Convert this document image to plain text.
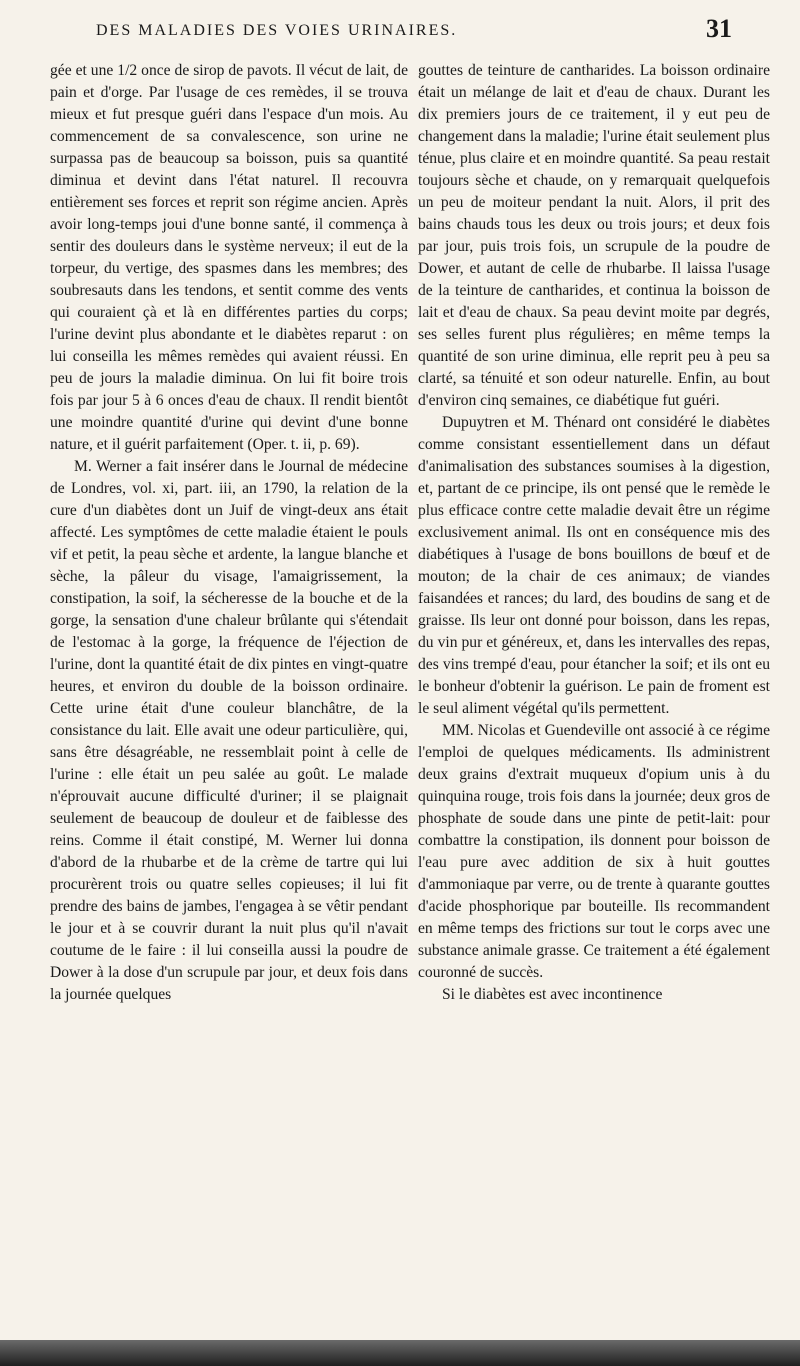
DES MALADIES DES VOIES URINAIRES.	31

gée et une 1/2 once de sirop de pavots. Il vécut de lait, de pain et d'orge. Par l'usage de ces remèdes, il se trouva mieux et fut presque guéri dans l'espace d'un mois. Au commencement de sa convalescence, son urine ne surpassa pas de beaucoup sa boisson, puis sa quantité diminua et devint dans l'état naturel. Il recouvra entièrement ses forces et reprit son régime ancien. Après avoir long-temps joui d'une bonne santé, il commença à sentir des douleurs dans le système nerveux; il eut de la torpeur, du vertige, des spasmes dans les membres; des soubresauts dans les tendons, et sentit comme des vents qui couraient çà et là en différentes parties du corps; l'urine devint plus abondante et le diabètes reparut : on lui conseilla les mêmes remèdes qui avaient réussi. En peu de jours la maladie diminua. On lui fit boire trois fois par jour 5 à 6 onces d'eau de chaux. Il rendit bientôt une moindre quantité d'urine qui devint d'une bonne nature, et il guérit parfaitement (Oper. t. ii, p. 69).

M. Werner a fait insérer dans le Journal de médecine de Londres, vol. xi, part. iii, an 1790, la relation de la cure d'un diabètes dont un Juif de vingt-deux ans était affecté. Les symptômes de cette maladie étaient le pouls vif et petit, la peau sèche et ardente, la langue blanche et sèche, la pâleur du visage, l'amaigrissement, la constipation, la soif, la sécheresse de la bouche et de la gorge, la sensation d'une chaleur brûlante qui s'étendait de l'estomac à la gorge, la fréquence de l'éjection de l'urine, dont la quantité était de dix pintes en vingt-quatre heures, et environ du double de la boisson ordinaire. Cette urine était d'une couleur blanchâtre, de la consistance du lait. Elle avait une odeur particulière, qui, sans être désagréable, ne ressemblait point à celle de l'urine : elle était un peu salée au goût. Le malade n'éprouvait aucune difficulté d'uriner; il se plaignait seulement de beaucoup de douleur et de faiblesse des reins. Comme il était constipé, M. Werner lui donna d'abord de la rhubarbe et de la crème de tartre qui lui procurèrent trois ou quatre selles copieuses; il lui fit prendre des bains de jambes, l'engagea à se vêtir pendant le jour et à se couvrir durant la nuit plus qu'il n'avait coutume de le faire : il lui conseilla aussi la poudre de Dower à la dose d'un scrupule par jour, et deux fois dans la journée quelques

gouttes de teinture de cantharides. La boisson ordinaire était un mélange de lait et d'eau de chaux. Durant les dix premiers jours de ce traitement, il y eut peu de changement dans la maladie; l'urine était seulement plus ténue, plus claire et en moindre quantité. Sa peau restait toujours sèche et chaude, on y remarquait quelquefois un peu de moiteur pendant la nuit. Alors, il prit des bains chauds tous les deux ou trois jours; et deux fois par jour, puis trois fois, un scrupule de la poudre de Dower, et autant de celle de rhubarbe. Il laissa l'usage de la teinture de cantharides, et continua la boisson de lait et d'eau de chaux. Sa peau devint moite par degrés, ses selles furent plus régulières; en même temps la quantité de son urine diminua, elle reprit peu à peu sa clarté, sa ténuité et son odeur naturelle. Enfin, au bout d'environ cinq semaines, ce diabétique fut guéri.

Dupuytren et M. Thénard ont considéré le diabètes comme consistant essentiellement dans un défaut d'animalisation des substances soumises à la digestion, et, partant de ce principe, ils ont pensé que le remède le plus efficace contre cette maladie devait être un régime exclusivement animal. Ils ont en conséquence mis des diabétiques à l'usage de bons bouillons de bœuf et de mouton; de la chair de ces animaux; de viandes faisandées et rances; du lard, des boudins de sang et de graisse. Ils leur ont donné pour boisson, dans les repas, du vin pur et généreux, et, dans les intervalles des repas, des vins trempé d'eau, pour étancher la soif; et ils ont eu le bonheur d'obtenir la guérison. Le pain de froment est le seul aliment végétal qu'ils permettent.

MM. Nicolas et Guendeville ont associé à ce régime l'emploi de quelques médicaments. Ils administrent deux grains d'extrait muqueux d'opium unis à du quinquina rouge, trois fois dans la journée; deux gros de phosphate de soude dans une pinte de petit-lait: pour combattre la constipation, ils donnent pour boisson de l'eau pure avec addition de six à huit gouttes d'ammoniaque par verre, ou de trente à quarante gouttes d'acide phosphorique par bouteille. Ils recommandent en même temps des frictions sur tout le corps avec une substance animale grasse. Ce traitement a été également couronné de succès.

Si le diabètes est avec incontinence
